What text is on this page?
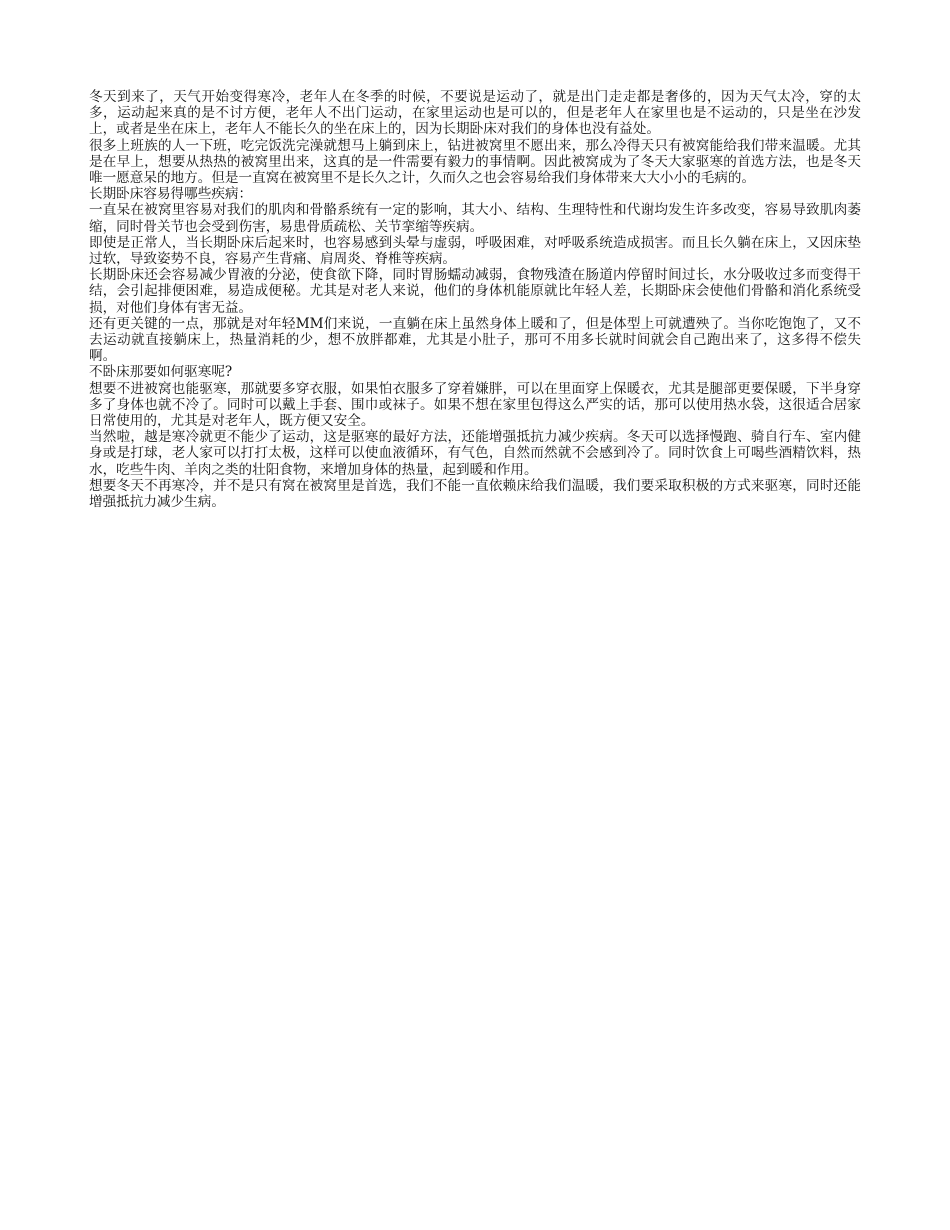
冬天到来了，天气开始变得寒冷，老年人在冬季的时候，不要说是运动了，就是出门走走都是奢侈的，因为天气太冷，穿的太多，运动起来真的是不讨方便，老年人不出门运动，在家里运动也是可以的，但是老年人在家里也是不运动的，只是坐在沙发上，或者是坐在床上，老年人不能长久的坐在床上的，因为长期卧床对我们的身体也没有益处。

很多上班族的人一下班，吃完饭洗完澡就想马上躺到床上，钻进被窝里不愿出来，那么冷得天只有被窝能给我们带来温暖。尤其是在早上，想要从热热的被窝里出来，这真的是一件需要有毅力的事情啊。因此被窝成为了冬天大家驱寒的首选方法，也是冬天唯一愿意呆的地方。但是一直窝在被窝里不是长久之计，久而久之也会容易给我们身体带来大大小小的毛病的。

长期卧床容易得哪些疾病：

一直呆在被窝里容易对我们的肌肉和骨骼系统有一定的影响，其大小、结构、生理特性和代谢均发生许多改变，容易导致肌肉萎缩，同时骨关节也会受到伤害，易患骨质疏松、关节挛缩等疾病。

即使是正常人，当长期卧床后起来时，也容易感到头晕与虚弱，呼吸困难，对呼吸系统造成损害。而且长久躺在床上，又因床垫过软，导致姿势不良，容易产生背痛、肩周炎、脊椎等疾病。

长期卧床还会容易减少胃液的分泌，使食欲下降，同时胃肠蠕动减弱，食物残渣在肠道内停留时间过长，水分吸收过多而变得干结，会引起排便困难，易造成便秘。尤其是对老人来说，他们的身体机能原就比年轻人差，长期卧床会使他们骨骼和消化系统受损，对他们身体有害无益。

还有更关键的一点，那就是对年轻MM们来说，一直躺在床上虽然身体上暖和了，但是体型上可就遭殃了。当你吃饱饱了，又不去运动就直接躺床上，热量消耗的少，想不放胖都难，尤其是小肚子，那可不用多长就时间就会自己跑出来了，这多得不偿失啊。

不卧床那要如何驱寒呢?

想要不进被窝也能驱寒，那就要多穿衣服，如果怕衣服多了穿着嫌胖，可以在里面穿上保暖衣，尤其是腿部更要保暖，下半身穿多了身体也就不冷了。同时可以戴上手套、围巾或袜子。如果不想在家里包得这么严实的话，那可以使用热水袋，这很适合居家日常使用的，尤其是对老年人，既方便又安全。

当然啦，越是寒冷就更不能少了运动，这是驱寒的最好方法，还能增强抵抗力减少疾病。冬天可以选择慢跑、骑自行车、室内健身或是打球，老人家可以打打太极，这样可以使血液循环，有气色，自然而然就不会感到冷了。同时饮食上可喝些酒精饮料，热水，吃些牛肉、羊肉之类的壮阳食物，来增加身体的热量，起到暖和作用。

想要冬天不再寒冷，并不是只有窝在被窝里是首选，我们不能一直依赖床给我们温暖，我们要采取积极的方式来驱寒，同时还能增强抵抗力减少生病。
